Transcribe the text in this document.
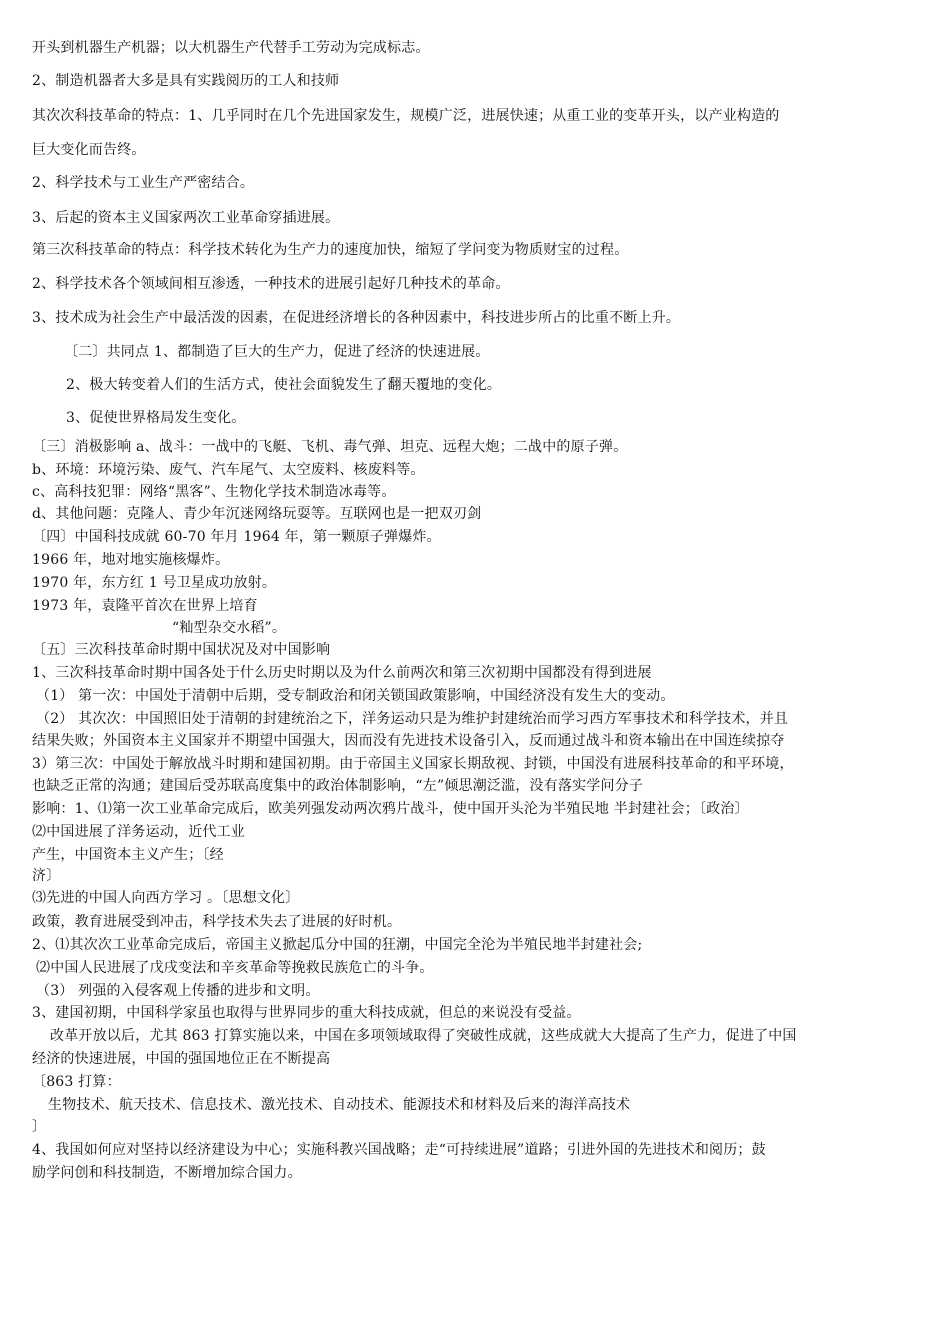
开头到机器生产机器；以大机器生产代替手工劳动为完成标志。
2、制造机器者大多是具有实践阅历的工人和技师
其次次科技革命的特点：1、几乎同时在几个先进国家发生，规模广泛，进展快速；从重工业的变革开头，以产业构造的
巨大变化而告终。
2、科学技术与工业生产严密结合。
3、后起的资本主义国家两次工业革命穿插进展。
第三次科技革命的特点：科学技术转化为生产力的速度加快，缩短了学问变为物质财宝的过程。
2、科学技术各个领域间相互渗透，一种技术的进展引起好几种技术的革命。
3、技术成为社会生产中最活泼的因素，在促进经济增长的各种因素中，科技进步所占的比重不断上升。
〔二〕共同点 1、都制造了巨大的生产力，促进了经济的快速进展。
2、极大转变着人们的生活方式，使社会面貌发生了翻天覆地的变化。
3、促使世界格局发生变化。
〔三〕消极影响 a、战斗：一战中的飞艇、飞机、毒气弹、坦克、远程大炮；二战中的原子弹。
b、环境：环境污染、废气、汽车尾气、太空废料、核废料等。
c、高科技犯罪：网络“黑客”、生物化学技术制造冰毒等。
d、其他问题：克隆人、青少年沉迷网络玩耍等。互联网也是一把双刃剑
〔四〕中国科技成就 60-70 年月 1964 年，第一颗原子弹爆炸。
1966 年，地对地实施核爆炸。
1970 年，东方红 1 号卫星成功放射。
1973 年，袁隆平首次在世界上培育
“籼型杂交水稻”。
〔五〕三次科技革命时期中国状况及对中国影响
1、三次科技革命时期中国各处于什么历史时期以及为什么前两次和第三次初期中国都没有得到进展
（1） 第一次：中国处于清朝中后期，受专制政治和闭关锁国政策影响，中国经济没有发生大的变动。
（2） 其次次：中国照旧处于清朝的封建统治之下，洋务运动只是为维护封建统治而学习西方军事技术和科学技术，并且
结果失败；外国资本主义国家并不期望中国强大，因而没有先进技术设备引入，反而通过战斗和资本输出在中国连续掠夺
3）第三次：中国处于解放战斗时期和建国初期。由于帝国主义国家长期敌视、封锁，中国没有进展科技革命的和平环境，
也缺乏正常的沟通；建国后受苏联高度集中的政治体制影响，“左”倾思潮泛滥，没有落实学问分子
影响：1、⑴第一次工业革命完成后，欧美列强发动两次鸦片战斗，使中国开头沦为半殖民地 半封建社会；〔政治〕
⑵中国进展了洋务运动，近代工业
产生，中国资本主义产生；〔经
济〕
⑶先进的中国人向西方学习 。〔思想文化〕
政策，教育进展受到冲击，科学技术失去了进展的好时机。
2、⑴其次次工业革命完成后，帝国主义掀起瓜分中国的狂潮，中国完全沦为半殖民地半封建社会;
⑵中国人民进展了戊戌变法和辛亥革命等挽救民族危亡的斗争。
（3） 列强的入侵客观上传播的进步和文明。
3、建国初期，中国科学家虽也取得与世界同步的重大科技成就，但总的来说没有受益。
改革开放以后，尤其 863 打算实施以来，中国在多项领域取得了突破性成就，这些成就大大提高了生产力，促进了中国
经济的快速进展，中国的强国地位正在不断提高
〔863 打算：
生物技术、航天技术、信息技术、激光技术、自动技术、能源技术和材料及后来的海洋高技术
〕
4、我国如何应对坚持以经济建设为中心；实施科教兴国战略；走“可持续进展”道路；引进外国的先进技术和阅历；鼓
励学问创和科技制造，不断增加综合国力。
